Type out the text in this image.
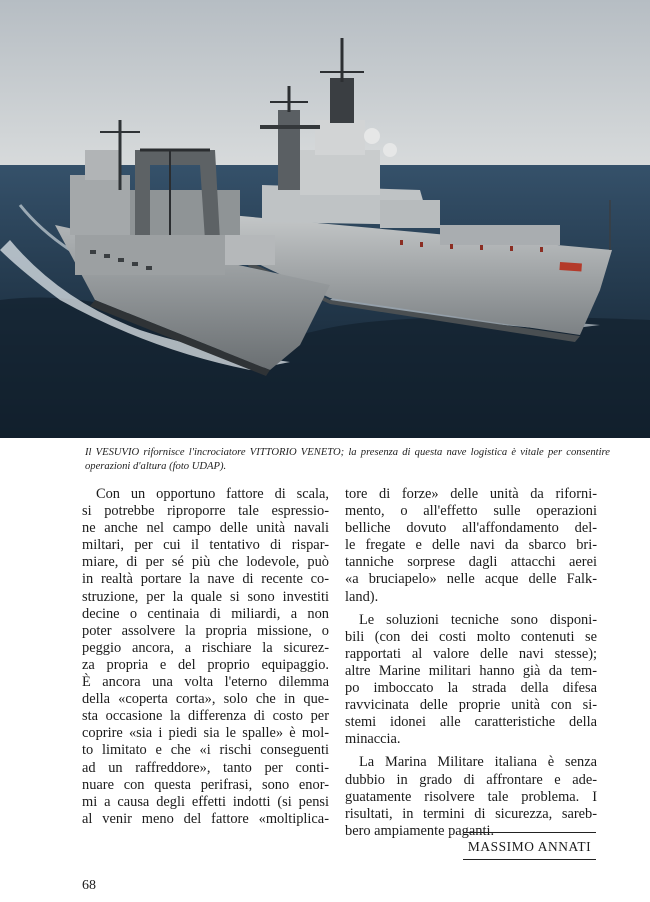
Il VESUVIO rifornisce l'incrociatore VITTORIO VENETO; la presenza di questa nave logistica è vitale per consentire operazioni d'altura (foto UDAP).

Con un opportuno fattore di scala,
si potrebbe riproporre tale espressio-
ne anche nel campo delle unità navali
miltari, per cui il tentativo di rispar-
miare, di per sé più che lodevole, può
in realtà portare la nave di recente co-
struzione, per la quale si sono investiti
decine o centinaia di miliardi, a non
poter assolvere la propria missione, o
peggio ancora, a rischiare la sicurez-
za propria e del proprio equipaggio.
È ancora una volta l'eterno dilemma
della «coperta corta», solo che in que-
sta occasione la differenza di costo per
coprire «sia i piedi sia le spalle» è mol-
to limitato e che «i rischi conseguenti
ad un raffreddore», tanto per conti-
nuare con questa perifrasi, sono enor-
mi a causa degli effetti indotti (si pensi
al venir meno del fattore «moltiplica-

tore di forze» delle unità da riforni-
mento, o all'effetto sulle operazioni
belliche dovuto all'affondamento del-
le fregate e delle navi da sbarco bri-
tanniche sorprese dagli attacchi aerei
«a bruciapelo» nelle acque delle Falk-
land).

Le soluzioni tecniche sono disponi-
bili (con dei costi molto contenuti se
rapportati al valore delle navi stesse);
altre Marine militari hanno già da tem-
po imboccato la strada della difesa
ravvicinata delle proprie unità con si-
stemi idonei alle caratteristiche della
minaccia.

La Marina Militare italiana è senza
dubbio in grado di affrontare e ade-
guatamente risolvere tale problema. I
risultati, in termini di sicurezza, sareb-
bero ampiamente paganti.

MASSIMO ANNATI
68
